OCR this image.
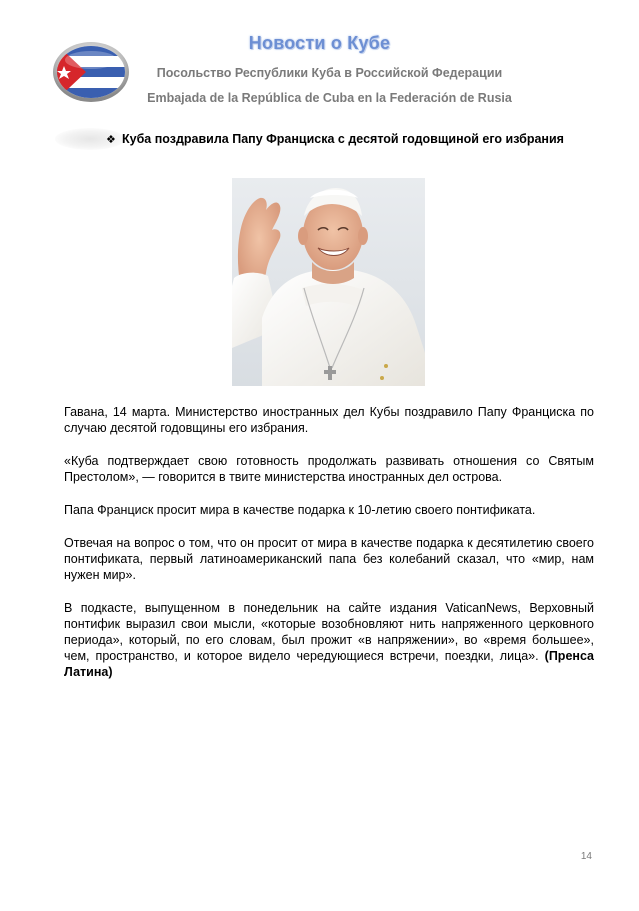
Новости о Кубе
Посольство Республики Куба в Российской Федерации
Embajada de la República de Cuba en la Federación de Rusia
❖ Куба поздравила Папу Франциска с десятой годовщиной его избрания

Гавана, 14 марта. Министерство иностранных дел Кубы поздравило Папу Франциска по случаю десятой годовщины его избрания.

«Куба подтверждает свою готовность продолжать развивать отношения со Святым Престолом», — говорится в твите министерства иностранных дел острова.

Папа Франциск просит мира в качестве подарка к 10-летию своего понтификата.

Отвечая на вопрос о том, что он просит от мира в качестве подарка к десятилетию своего понтификата, первый латиноамериканский папа без колебаний сказал, что «мир, нам нужен мир».

В подкасте, выпущенном в понедельник на сайте издания VaticanNews, Верховный понтифик выразил свои мысли, «которые возобновляют нить напряженного церковного периода», который, по его словам, был прожит «в напряжении», во «время большее», чем, пространство, и которое видело чередующиеся встречи, поездки, лица». (Пренса Латина)

14
